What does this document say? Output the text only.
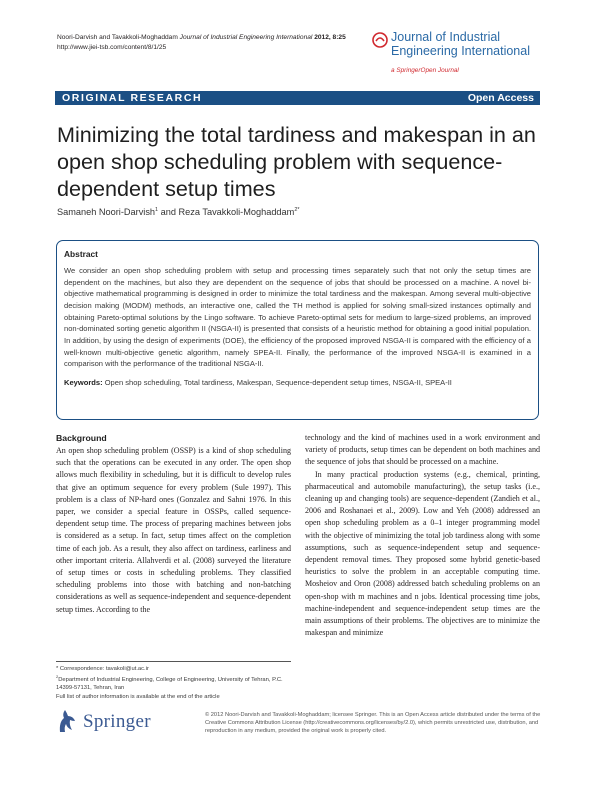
Noori-Darvish and Tavakkoli-Moghaddam Journal of Industrial Engineering International 2012, 8:25
http://www.jiei-tsb.com/content/8/1/25
Journal of Industrial Engineering International
a SpringerOpen Journal
ORIGINAL RESEARCH	Open Access
Minimizing the total tardiness and makespan in an open shop scheduling problem with sequence-dependent setup times
Samaneh Noori-Darvish$^1$ and Reza Tavakkoli-Moghaddam$^{2*}$
Abstract
We consider an open shop scheduling problem with setup and processing times separately such that not only the setup times are dependent on the machines, but also they are dependent on the sequence of jobs that should be processed on a machine. A novel bi-objective mathematical programming is designed in order to minimize the total tardiness and the makespan. Among several multi-objective decision making (MODM) methods, an interactive one, called the TH method is applied for solving small-sized instances optimally and obtaining Pareto-optimal solutions by the Lingo software. To achieve Pareto-optimal sets for medium to large-sized problems, an improved non-dominated sorting genetic algorithm II (NSGA-II) is presented that consists of a heuristic method for obtaining a good initial population. In addition, by using the design of experiments (DOE), the efficiency of the proposed improved NSGA-II is compared with the efficiency of a well-known multi-objective genetic algorithm, namely SPEA-II. Finally, the performance of the improved NSGA-II is examined in a comparison with the performance of the traditional NSGA-II.
Keywords: Open shop scheduling, Total tardiness, Makespan, Sequence-dependent setup times, NSGA-II, SPEA-II
Background

An open shop scheduling problem (OSSP) is a kind of shop scheduling such that the operations can be executed in any order. The open shop allows much flexibility in scheduling, but it is difficult to develop rules that give an optimum sequence for every problem (Sule 1997). This problem is a class of NP-hard ones (Gonzalez and Sahni 1976. In this paper, we consider a special feature in OSSPs, called sequence-dependent setup time. The process of preparing machines between jobs is considered as a setup. In fact, setup times affect on the completion time of each job. As a result, they also affect on tardiness, earliness and other important criteria. Allahverdi et al. (2008) surveyed the literature of setup times or costs in scheduling problems. They classified scheduling problems into those with batching and non-batching considerations as well as sequence-independent and sequence-dependent setup times. According to the

technology and the kind of machines used in a work environment and variety of products, setup times can be dependent on both machines and the sequence of jobs that should be processed on a machine.

In many practical production systems (e.g., chemical, printing, pharmaceutical and automobile manufacturing), the setup tasks (i.e., cleaning up and changing tools) are sequence-dependent (Zandieh et al., 2006 and Roshanaei et al., 2009). Low and Yeh (2008) addressed an open shop scheduling problem as a 0–1 integer programming model with the objective of minimizing the total job tardiness along with some assumptions, such as sequence-independent setup and sequence-dependent removal times. They proposed some hybrid genetic-based heuristics to solve the problem in an acceptable computing time. Mosheiov and Oron (2008) addressed batch scheduling problems on an open-shop with m machines and n jobs. Identical processing time jobs, machine-independent and sequence-independent setup times are the main assumptions of their problems. The objectives are to minimize the makespan and minimize

* Correspondence: tavakoli@ut.ac.ir
$^2$Department of Industrial Engineering, College of Engineering, University of Tehran, P.C. 14399-57131, Tehran, Iran
Full list of author information is available at the end of the article
Springer	© 2012 Noori-Darvish and Tavakkoli-Moghaddam; licensee Springer. This is an Open Access article distributed under the terms of the Creative Commons Attribution License (http://creativecommons.org/licenses/by/2.0), which permits unrestricted use, distribution, and reproduction in any medium, provided the original work is properly cited.
